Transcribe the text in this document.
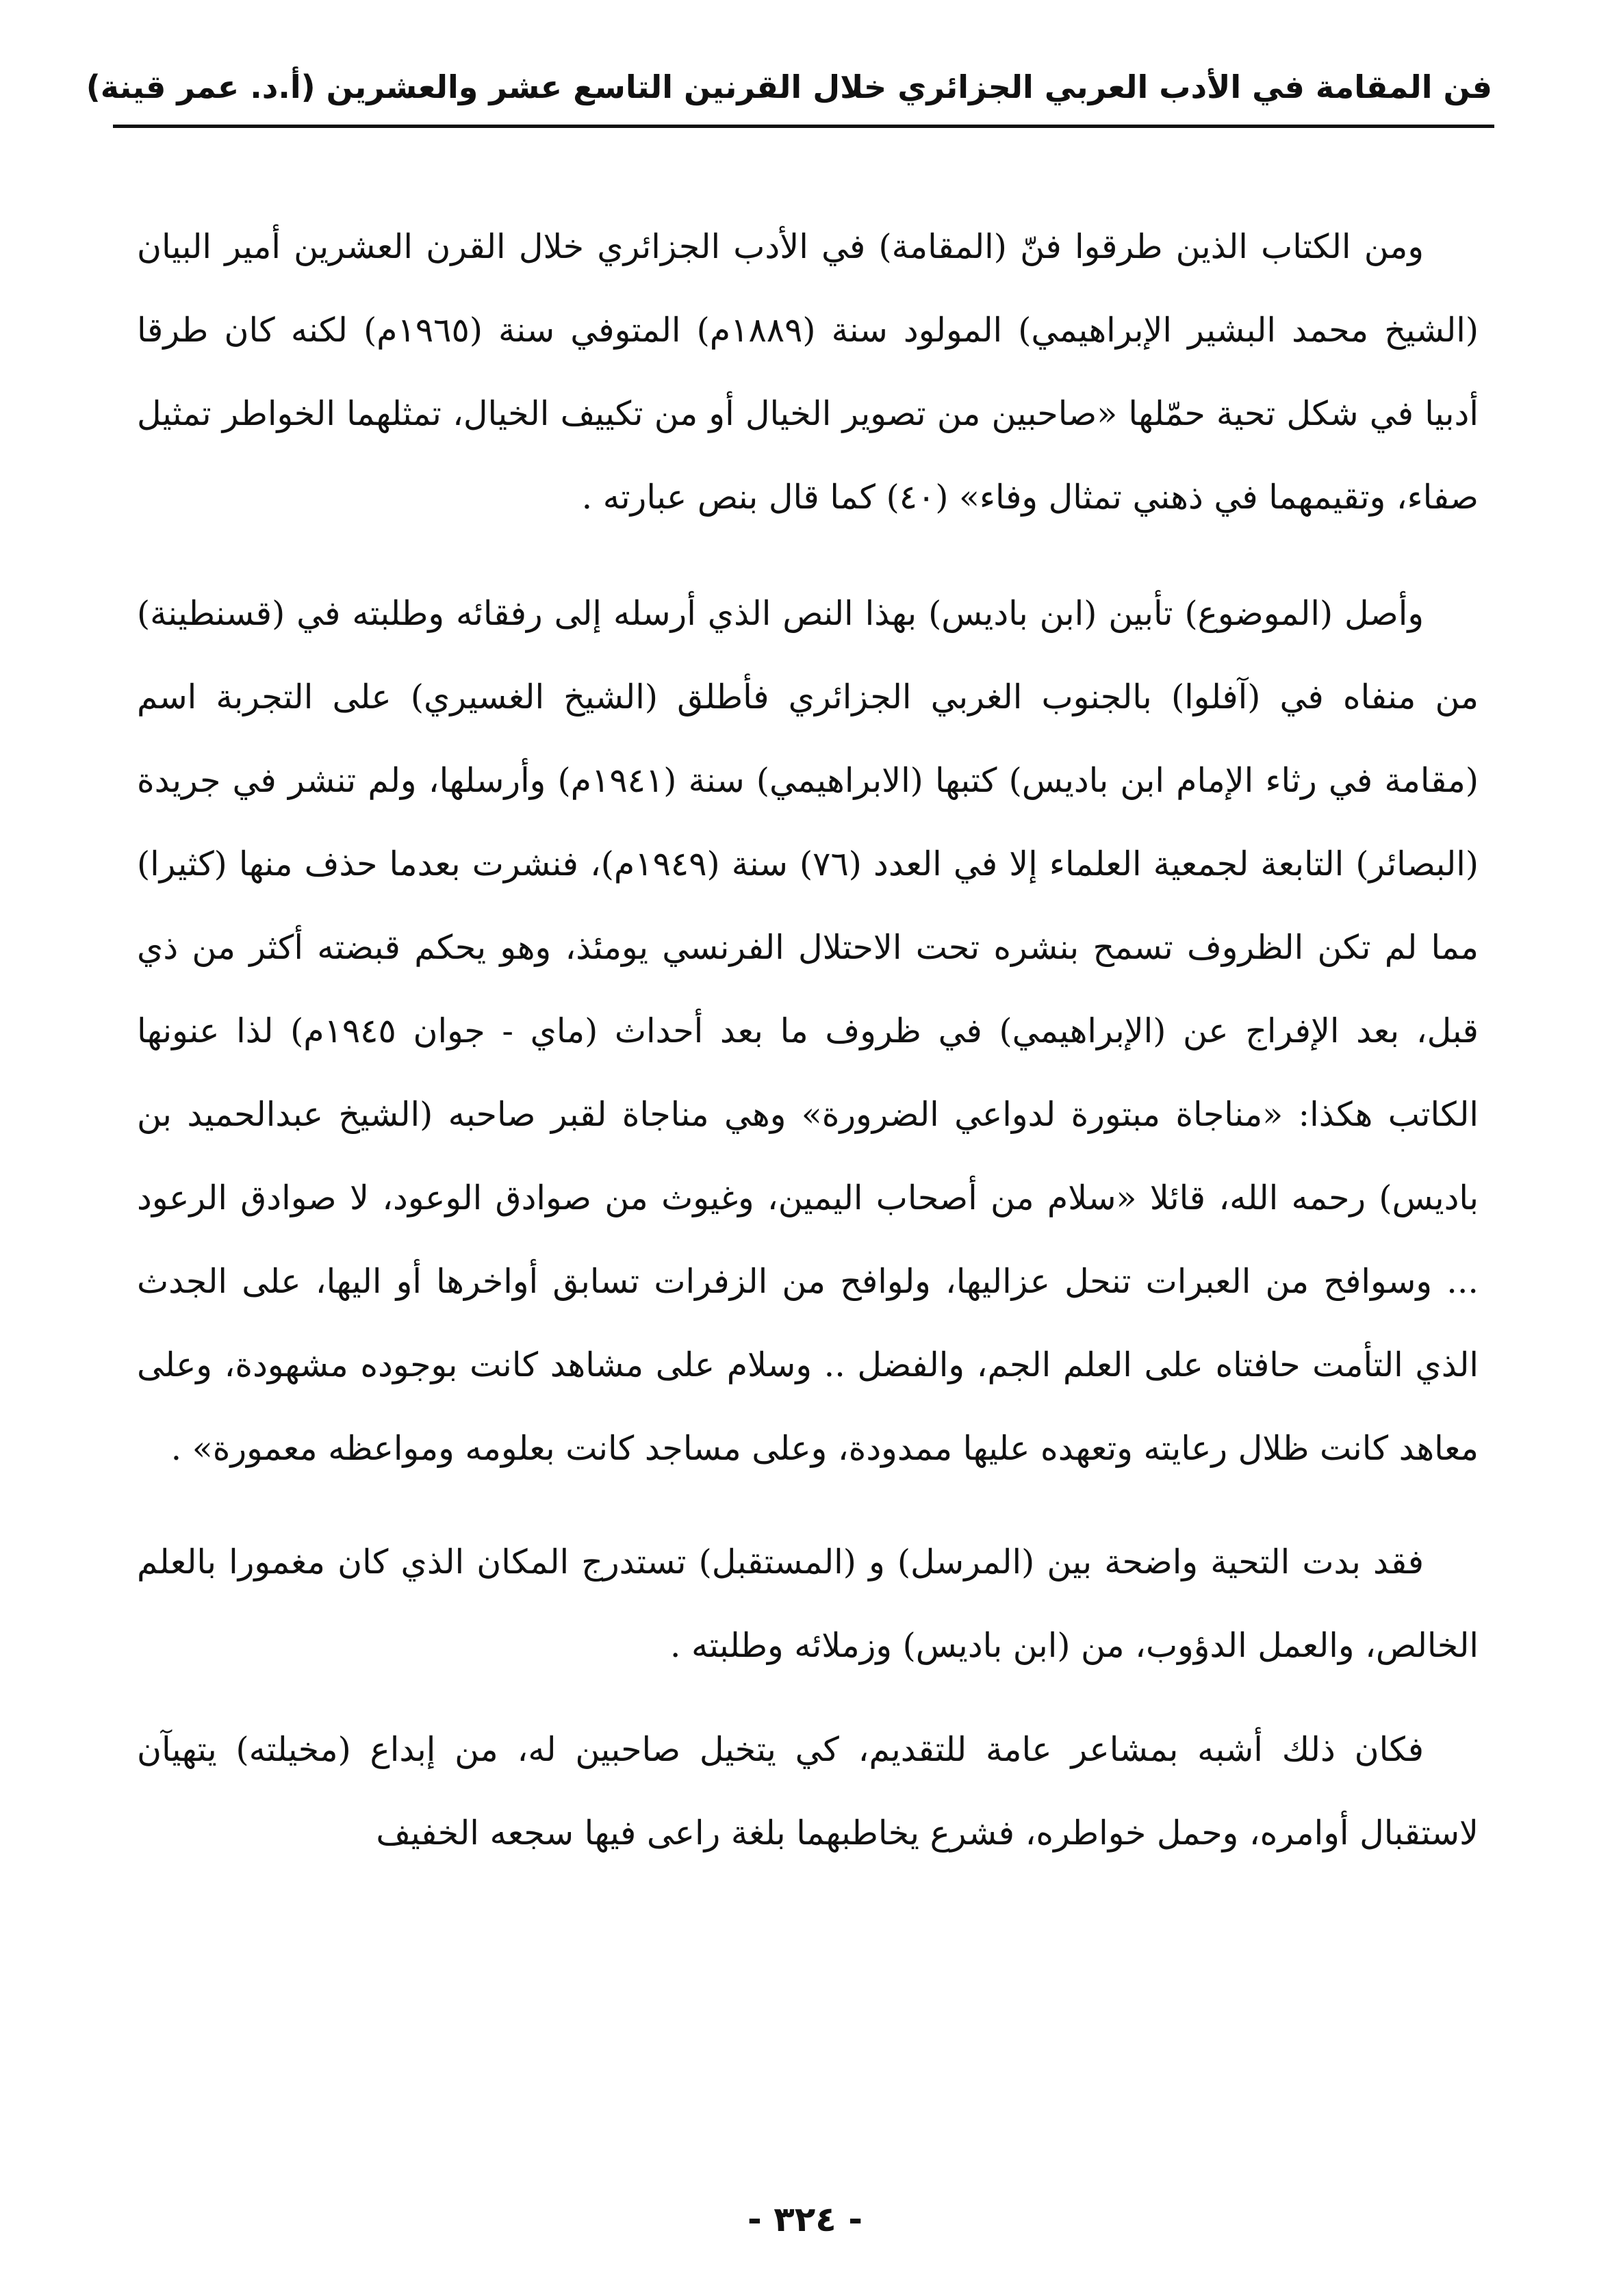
فن المقامة في الأدب العربي الجزائري خلال القرنين التاسع عشر والعشرين (أ.د. عمر قينة)

ومن الكتاب الذين طرقوا فنّ (المقامة) في الأدب الجزائري خلال القرن العشرين أمير البيان (الشيخ محمد البشير الإبراهيمي) المولود سنة (١٨٨٩م) المتوفي سنة (١٩٦٥م) لكنه كان طرقا أدبيا في شكل تحية حمّلها «صاحبين من تصوير الخيال أو من تكييف الخيال، تمثلهما الخواطر تمثيل صفاء، وتقيمهما في ذهني تمثال وفاء» (٤٠) كما قال بنص عبارته .

وأصل (الموضوع) تأبين (ابن باديس) بهذا النص الذي أرسله إلى رفقائه وطلبته في (قسنطينة) من منفاه في (آفلوا) بالجنوب الغربي الجزائري فأطلق (الشيخ الغسيري) على التجربة اسم (مقامة في رثاء الإمام ابن باديس) كتبها (الابراهيمي) سنة (١٩٤١م) وأرسلها، ولم تنشر في جريدة (البصائر) التابعة لجمعية العلماء إلا في العدد (٧٦) سنة (١٩٤٩م)، فنشرت بعدما حذف منها (كثيرا) مما لم تكن الظروف تسمح بنشره تحت الاحتلال الفرنسي يومئذ، وهو يحكم قبضته أكثر من ذي قبل، بعد الإفراج عن (الإبراهيمي) في ظروف ما بعد أحداث (ماي - جوان ١٩٤٥م) لذا عنونها الكاتب هكذا: «مناجاة مبتورة لدواعي الضرورة» وهي مناجاة لقبر صاحبه (الشيخ عبدالحميد بن باديس) رحمه الله، قائلا «سلام من أصحاب اليمين، وغيوث من صوادق الوعود، لا صوادق الرعود ... وسوافح من العبرات تنحل عزاليها، ولوافح من الزفرات تسابق أواخرها أو اليها، على الجدث الذي التأمت حافتاه على العلم الجم، والفضل .. وسلام على مشاهد كانت بوجوده مشهودة، وعلى معاهد كانت ظلال رعايته وتعهده عليها ممدودة، وعلى مساجد كانت بعلومه ومواعظه معمورة» .

فقد بدت التحية واضحة بين (المرسل) و (المستقبل) تستدرج المكان الذي كان مغمورا بالعلم الخالص، والعمل الدؤوب، من (ابن باديس) وزملائه وطلبته .

فكان ذلك أشبه بمشاعر عامة للتقديم، كي يتخيل صاحبين له، من إبداع (مخيلته) يتهيآن لاستقبال أوامره، وحمل خواطره، فشرع يخاطبهما بلغة راعى فيها سجعه الخفيف

- ٣٢٤ -
